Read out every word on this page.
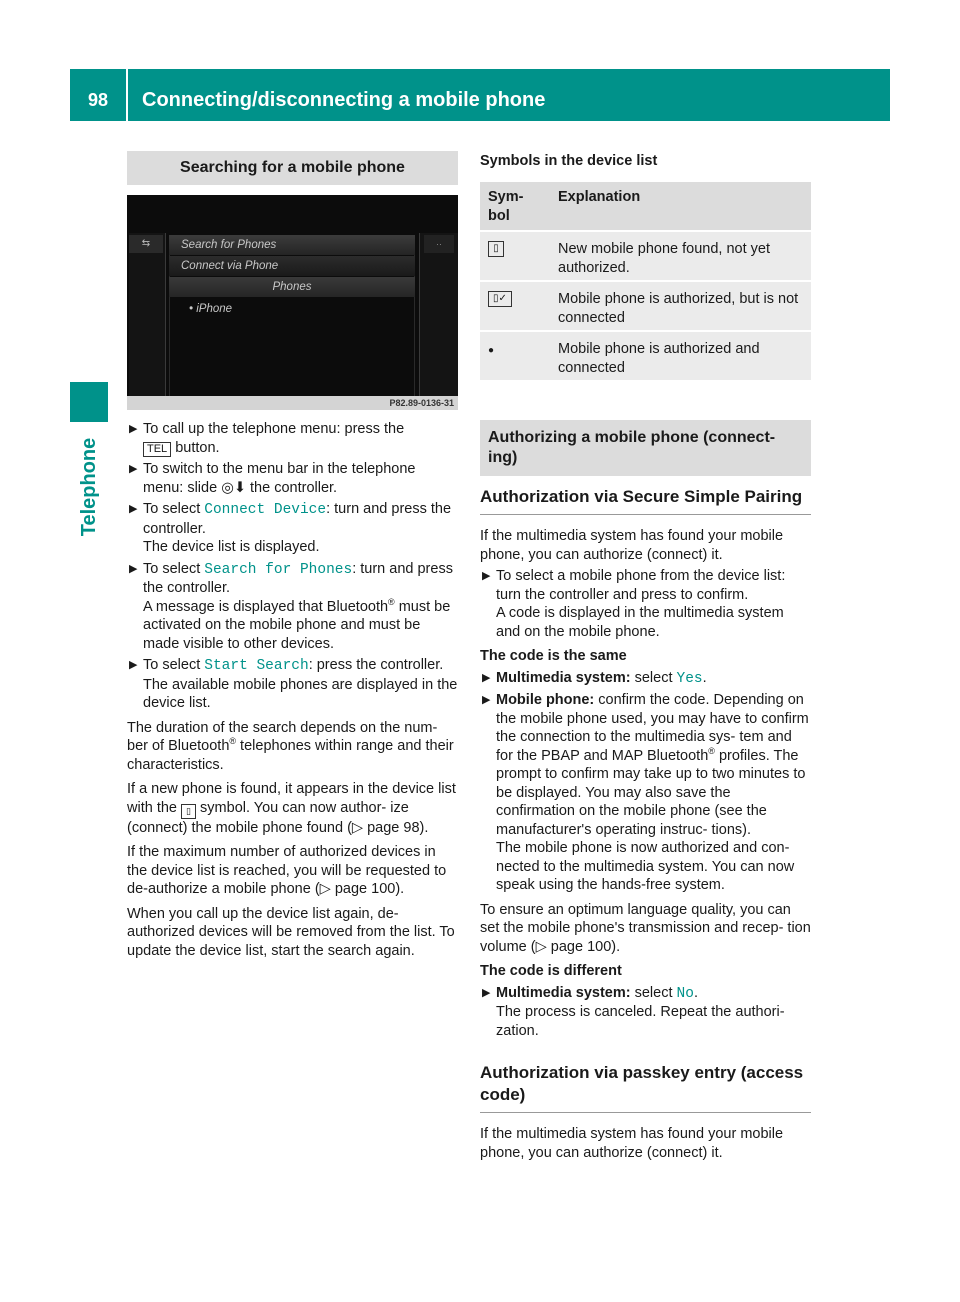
98	Connecting/disconnecting a mobile phone
Telephone
Searching for a mobile phone
⇆	··
Search for Phones
Connect via Phone
Phones
• iPhone
P82.89-0136-31
▶ To call up the telephone menu: press the
TEL button.
▶ To switch to the menu bar in the telephone menu: slide ◎⬇ the controller.
▶ To select Connect Device: turn and press the controller.
The device list is displayed.
▶ To select Search for Phones: turn and press the controller.
A message is displayed that Bluetooth® must be activated on the mobile phone and must be made visible to other devices.
▶ To select Start Search: press the controller.
The available mobile phones are displayed in the device list.

The duration of the search depends on the num- ber of Bluetooth® telephones within range and their characteristics.

If a new phone is found, it appears in the device list with the ▯ symbol. You can now author- ize (connect) the mobile phone found (▷ page 98).

If the maximum number of authorized devices in the device list is reached, you will be requested to de-authorize a mobile phone (▷ page 100).

When you call up the device list again, de- authorized devices will be removed from the list. To update the device list, start the search again.

Symbols in the device list
Sym- bol
Explanation
▯	New mobile phone found, not yet authorized.
▯✓	Mobile phone is authorized, but is not connected
●	Mobile phone is authorized and connected
Authorizing a mobile phone (connect- ing)
Authorization via Secure Simple Pairing

If the multimedia system has found your mobile phone, you can authorize (connect) it.

▶ To select a mobile phone from the device list: turn the controller and press to confirm.
A code is displayed in the multimedia system and on the mobile phone.
The code is the same
▶ Multimedia system: select Yes.
▶ Mobile phone: confirm the code. Depending on the mobile phone used, you may have to confirm the connection to the multimedia sys- tem and for the PBAP and MAP Bluetooth® profiles. The prompt to confirm may take up to two minutes to be displayed. You may also save the confirmation on the mobile phone (see the manufacturer's operating instruc- tions).
The mobile phone is now authorized and con- nected to the multimedia system. You can now speak using the hands-free system.

To ensure an optimum language quality, you can set the mobile phone's transmission and recep- tion volume (▷ page 100).

The code is different
▶ Multimedia system: select No.
The process is canceled. Repeat the authori- zation.
Authorization via passkey entry (access code)

If the multimedia system has found your mobile phone, you can authorize (connect) it.
